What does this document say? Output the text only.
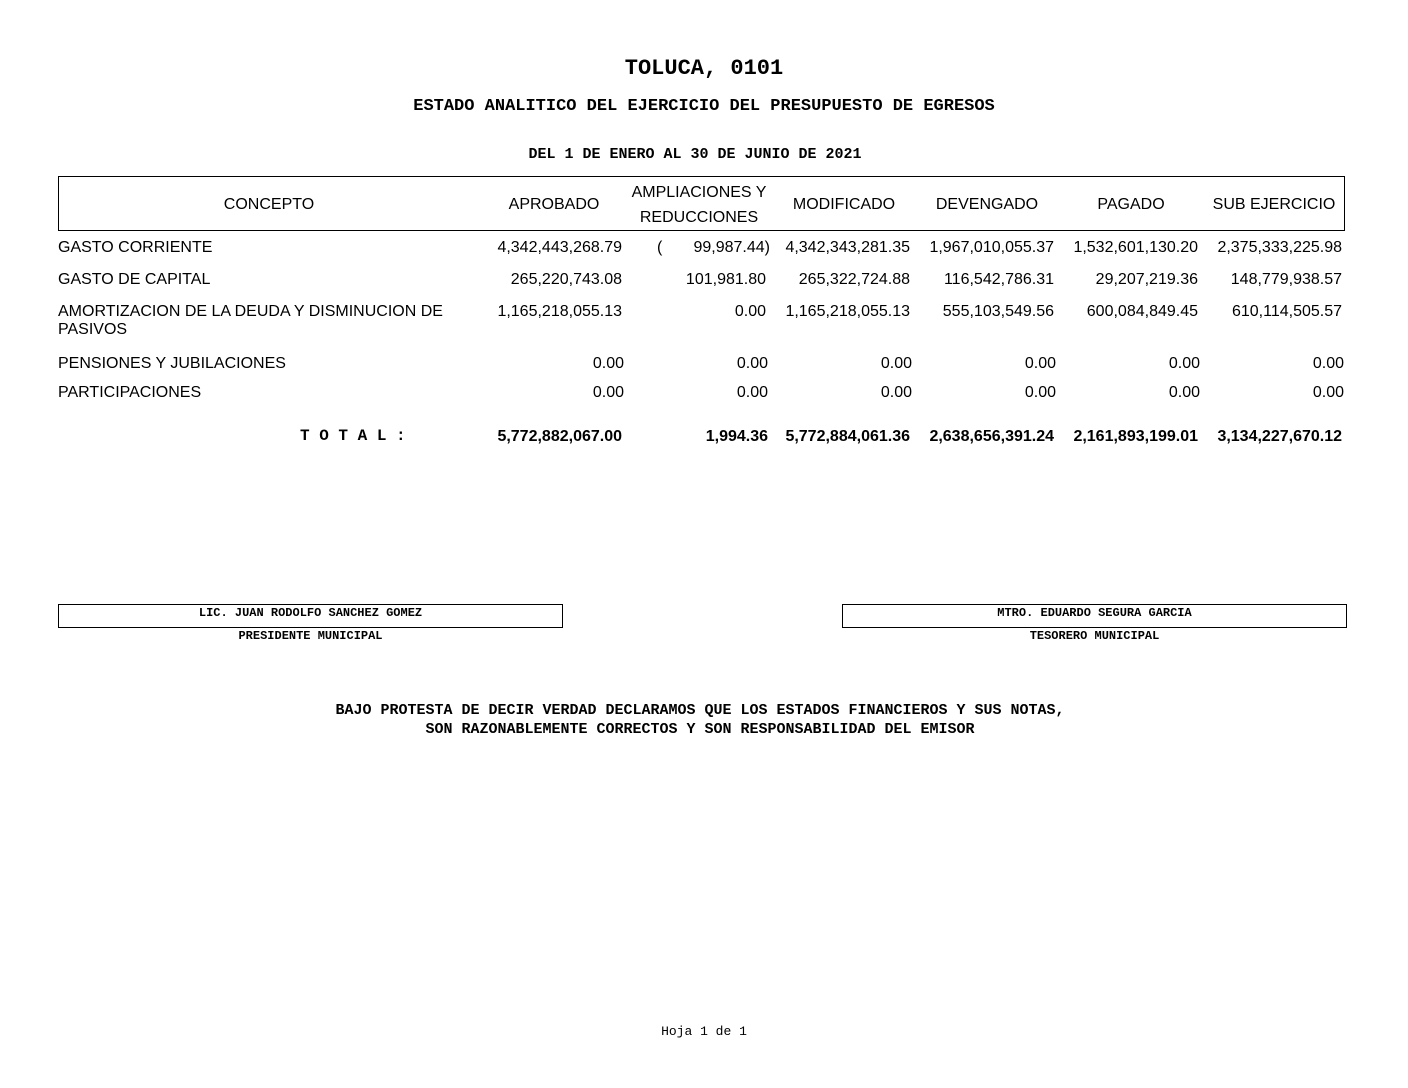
TOLUCA, 0101
ESTADO ANALITICO DEL EJERCICIO DEL PRESUPUESTO DE EGRESOS
DEL 1 DE ENERO AL 30 DE JUNIO DE 2021
CONCEPTO	APROBADO
AMPLIACIONES Y
REDUCCIONES
MODIFICADO	DEVENGADO	PAGADO	SUB EJERCICIO
GASTO CORRIENTE	4,342,443,268.79 ( 99,987.44) 4,342,343,281.35 1,967,010,055.37 1,532,601,130.20 2,375,333,225.98
GASTO DE CAPITAL	265,220,743.08	101,981.80 265,322,724.88 116,542,786.31	29,207,219.36 148,779,938.57
AMORTIZACION DE LA DEUDA Y DISMINUCION DE
PASIVOS
1,165,218,055.13	0.00 1,165,218,055.13 555,103,549.56 600,084,849.45 610,114,505.57
PENSIONES Y JUBILACIONES	0.00	0.00	0.00	0.00	0.00	0.00
PARTICIPACIONES	0.00	0.00	0.00	0.00	0.00	0.00
T O T A L :	5,772,882,067.00	1,994.36 5,772,884,061.36 2,638,656,391.24 2,161,893,199.01 3,134,227,670.12
LIC. JUAN RODOLFO SANCHEZ GOMEZ
PRESIDENTE MUNICIPAL
MTRO. EDUARDO SEGURA GARCIA
TESORERO MUNICIPAL
BAJO PROTESTA DE DECIR VERDAD DECLARAMOS QUE LOS ESTADOS FINANCIEROS Y SUS NOTAS,
SON RAZONABLEMENTE CORRECTOS Y SON RESPONSABILIDAD DEL EMISOR
Hoja 1 de 1
